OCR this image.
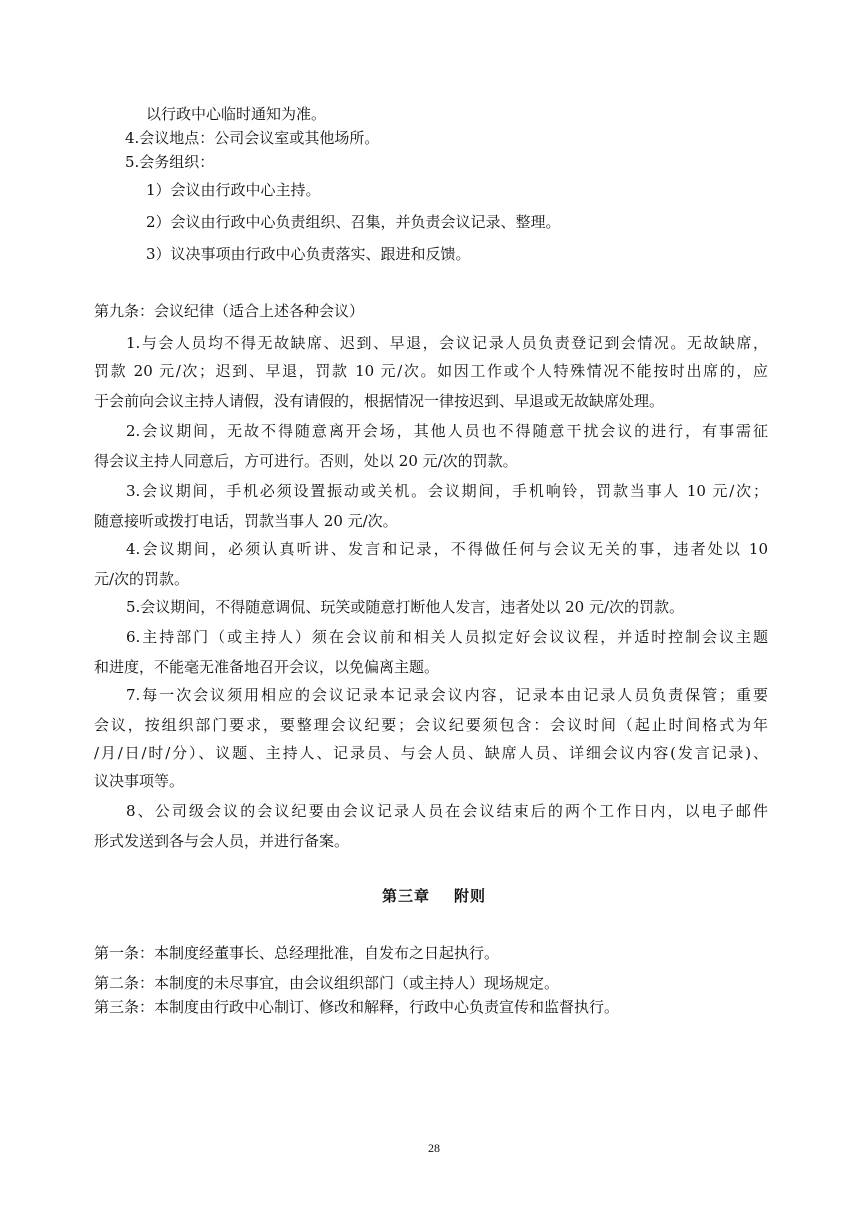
以行政中心临时通知为准。
4.会议地点：公司会议室或其他场所。
5.会务组织：
1）会议由行政中心主持。
2）会议由行政中心负责组织、召集，并负责会议记录、整理。
3）议决事项由行政中心负责落实、跟进和反馈。
第九条：会议纪律（适合上述各种会议）
1.与会人员均不得无故缺席、迟到、早退，会议记录人员负责登记到会情况。无故缺席，
罚款 20 元/次；迟到、早退，罚款 10 元/次。如因工作或个人特殊情况不能按时出席的，应
于会前向会议主持人请假，没有请假的，根据情况一律按迟到、早退或无故缺席处理。
2.会议期间，无故不得随意离开会场，其他人员也不得随意干扰会议的进行，有事需征
得会议主持人同意后，方可进行。否则，处以 20 元/次的罚款。
3.会议期间，手机必须设置振动或关机。会议期间，手机响铃，罚款当事人 10 元/次；
随意接听或拨打电话，罚款当事人 20 元/次。
4.会议期间，必须认真听讲、发言和记录，不得做任何与会议无关的事，违者处以 10
元/次的罚款。
5.会议期间，不得随意调侃、玩笑或随意打断他人发言，违者处以 20 元/次的罚款。
6.主持部门（或主持人）须在会议前和相关人员拟定好会议议程，并适时控制会议主题
和进度，不能毫无准备地召开会议，以免偏离主题。
7.每一次会议须用相应的会议记录本记录会议内容，记录本由记录人员负责保管；重要
会议，按组织部门要求，要整理会议纪要；会议纪要须包含：会议时间（起止时间格式为年
/月/日/时/分）、议题、主持人、记录员、与会人员、缺席人员、详细会议内容(发言记录)、
议决事项等。
8、公司级会议的会议纪要由会议记录人员在会议结束后的两个工作日内，以电子邮件
形式发送到各与会人员，并进行备案。
第三章 附则
第一条：本制度经董事长、总经理批准，自发布之日起执行。
第二条：本制度的未尽事宜，由会议组织部门（或主持人）现场规定。
第三条：本制度由行政中心制订、修改和解释，行政中心负责宣传和监督执行。
28
